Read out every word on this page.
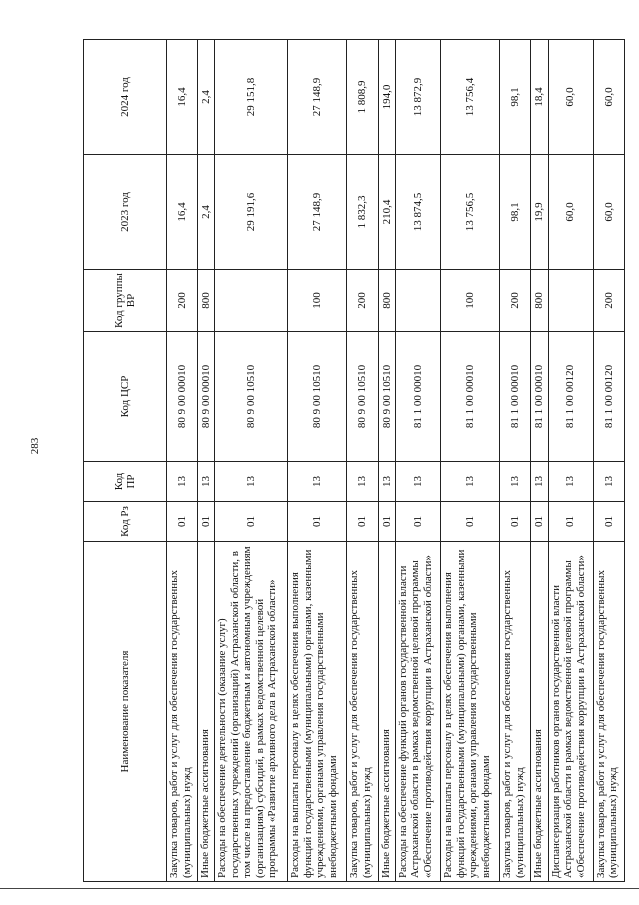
283
Наименование показателя	Код Рз	Код ПР	Код ЦСР	Код группы ВР	2023 год	2024 год
Закупка товаров, работ и услуг для обеспечения государственных (муниципальных) нужд	01	13	80 9 00 00010	200	16,4	16,4
Иные бюджетные ассигнования	01	13	80 9 00 00010	800	2,4	2,4
Расходы на обеспечение деятельности (оказание услуг) государственных учреждений (организаций) Астраханской области, в том числе на предоставление бюджетным и автономным учреждениям (организациям) субсидий, в рамках ведомственной целевой программы «Развитие архивного дела в Астраханской области»	01	13	80 9 00 10510		29 191,6	29 151,8
Расходы на выплаты персоналу в целях обеспечения выполнения функций государственными (муниципальными) органами, казенными учреждениями, органами управления государственными внебюджетными фондами	01	13	80 9 00 10510	100	27 148,9	27 148,9
Закупка товаров, работ и услуг для обеспечения государственных (муниципальных) нужд	01	13	80 9 00 10510	200	1 832,3	1 808,9
Иные бюджетные ассигнования	01	13	80 9 00 10510	800	210,4	194,0
Расходы на обеспечение функций органов государственной власти Астраханской области в рамках ведомственной целевой программы «Обеспечение противодействия коррупции в Астраханской области»	01	13	81 1 00 00010		13 874,5	13 872,9
Расходы на выплаты персоналу в целях обеспечения выполнения функций государственными (муниципальными) органами, казенными учреждениями, органами управления государственными внебюджетными фондами	01	13	81 1 00 00010	100	13 756,5	13 756,4
Закупка товаров, работ и услуг для обеспечения государственных (муниципальных) нужд	01	13	81 1 00 00010	200	98,1	98,1
Иные бюджетные ассигнования	01	13	81 1 00 00010	800	19,9	18,4
Диспансеризация работников органов государственной власти Астраханской области в рамках ведомственной целевой программы «Обеспечение противодействия коррупции в Астраханской области»	01	13	81 1 00 00120		60,0	60,0
Закупка товаров, работ и услуг для обеспечения государственных (муниципальных) нужд	01	13	81 1 00 00120	200	60,0	60,0
